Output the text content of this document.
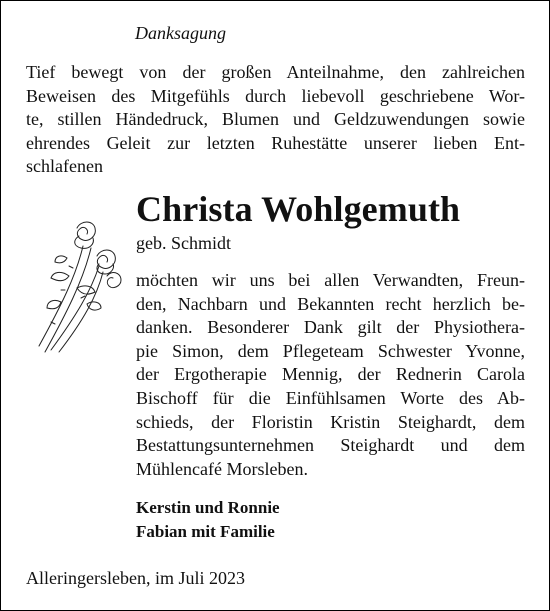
Danksagung
Tief bewegt von der großen Anteilnahme, den zahlreichen
Beweisen des Mitgefühls durch liebevoll geschriebene Wor-
te, stillen Händedruck, Blumen und Geldzuwendungen sowie
ehrendes Geleit zur letzten Ruhestätte unserer lieben Ent-
schlafenen
Christa Wohlgemuth
geb. Schmidt
möchten wir uns bei allen Verwandten, Freun-
den, Nachbarn und Bekannten recht herzlich be-
danken. Besonderer Dank gilt der Physiothera-
pie Simon, dem Pflegeteam Schwester Yvonne,
der Ergotherapie Mennig, der Rednerin Carola
Bischoff für die Einfühlsamen Worte des Ab-
schieds, der Floristin Kristin Steighardt, dem
Bestattungsunternehmen Steighardt und dem
Mühlencafé Morsleben.
Kerstin und Ronnie
Fabian mit Familie
Alleringersleben, im Juli 2023
